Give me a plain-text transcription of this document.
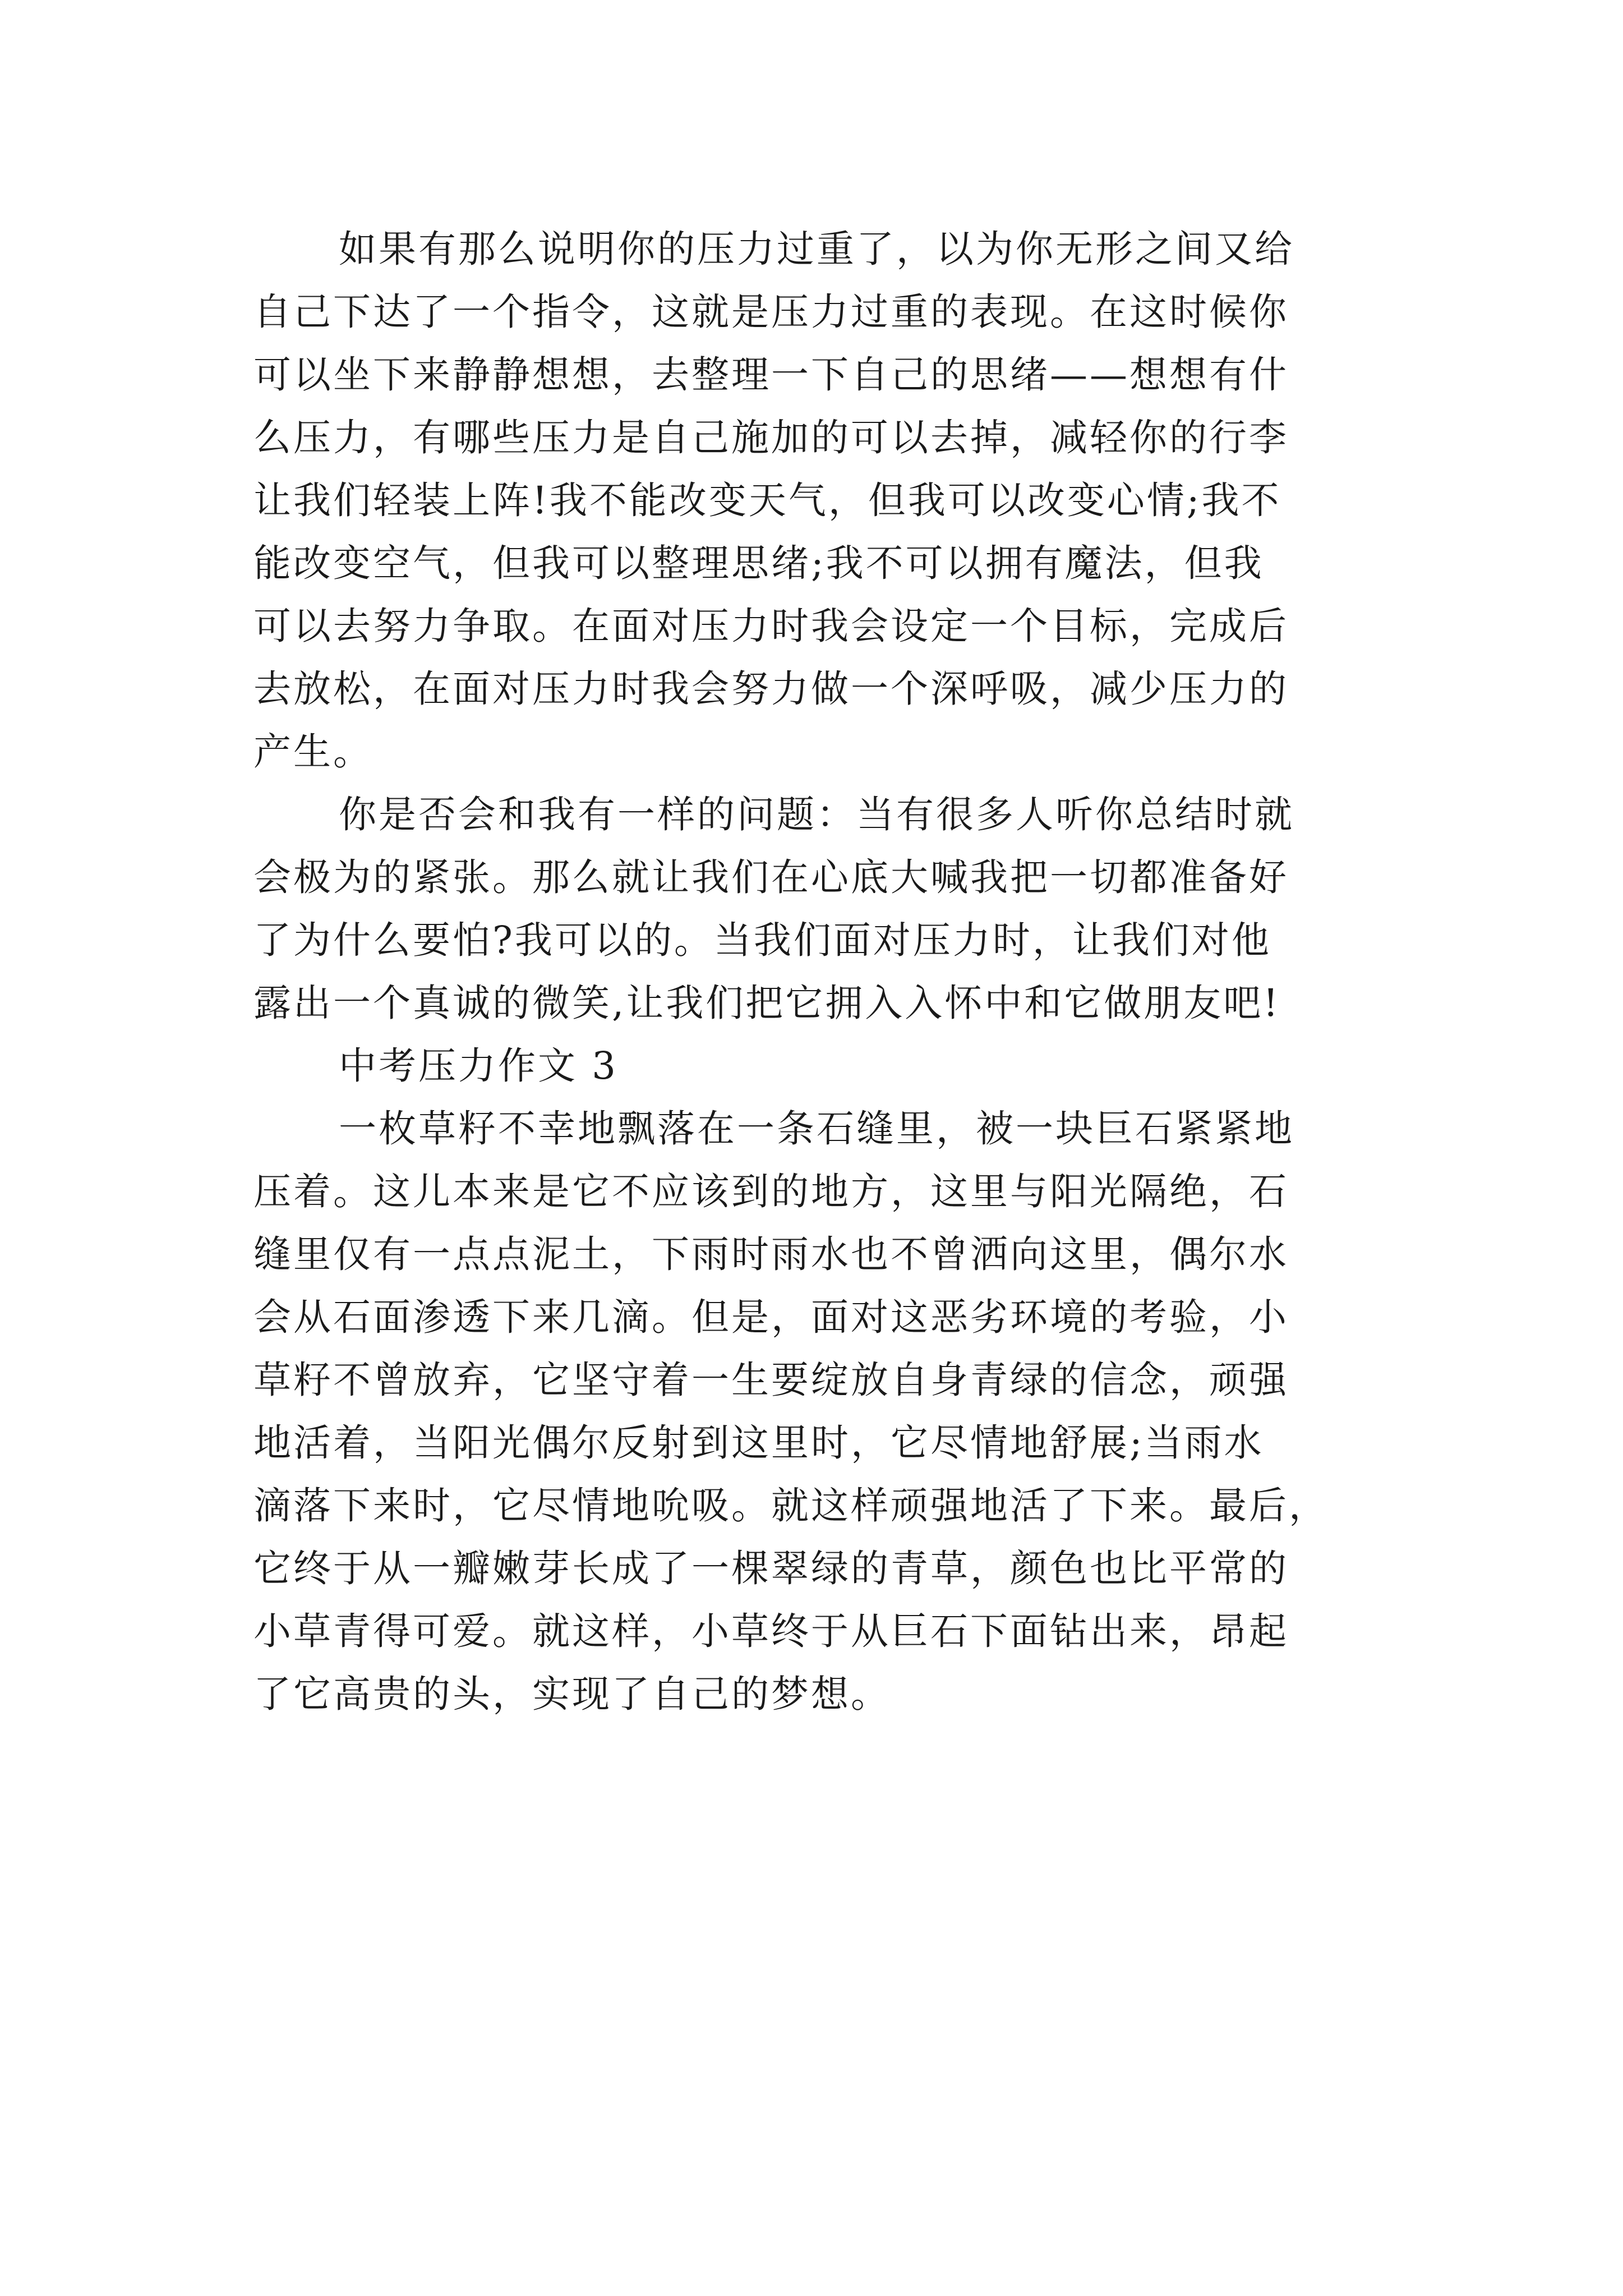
如果有那么说明你的压力过重了，以为你无形之间又给
自己下达了一个指令，这就是压力过重的表现。在这时候你
可以坐下来静静想想，去整理一下自己的思绪——想想有什
么压力，有哪些压力是自己施加的可以去掉，减轻你的行李
让我们轻装上阵!我不能改变天气，但我可以改变心情;我不
能改变空气，但我可以整理思绪;我不可以拥有魔法，但我
可以去努力争取。在面对压力时我会设定一个目标，完成后
去放松，在面对压力时我会努力做一个深呼吸，减少压力的
产生。
你是否会和我有一样的问题：当有很多人听你总结时就
会极为的紧张。那么就让我们在心底大喊我把一切都准备好
了为什么要怕?我可以的。当我们面对压力时，让我们对他
露出一个真诚的微笑,让我们把它拥入入怀中和它做朋友吧!
中考压力作文 3
一枚草籽不幸地飘落在一条石缝里，被一块巨石紧紧地
压着。这儿本来是它不应该到的地方，这里与阳光隔绝，石
缝里仅有一点点泥土，下雨时雨水也不曾洒向这里，偶尔水
会从石面渗透下来几滴。但是，面对这恶劣环境的考验，小
草籽不曾放弃，它坚守着一生要绽放自身青绿的信念，顽强
地活着，当阳光偶尔反射到这里时，它尽情地舒展;当雨水
滴落下来时，它尽情地吮吸。就这样顽强地活了下来。最后，
它终于从一瓣嫩芽长成了一棵翠绿的青草，颜色也比平常的
小草青得可爱。就这样，小草终于从巨石下面钻出来，昂起
了它高贵的头，实现了自己的梦想。
